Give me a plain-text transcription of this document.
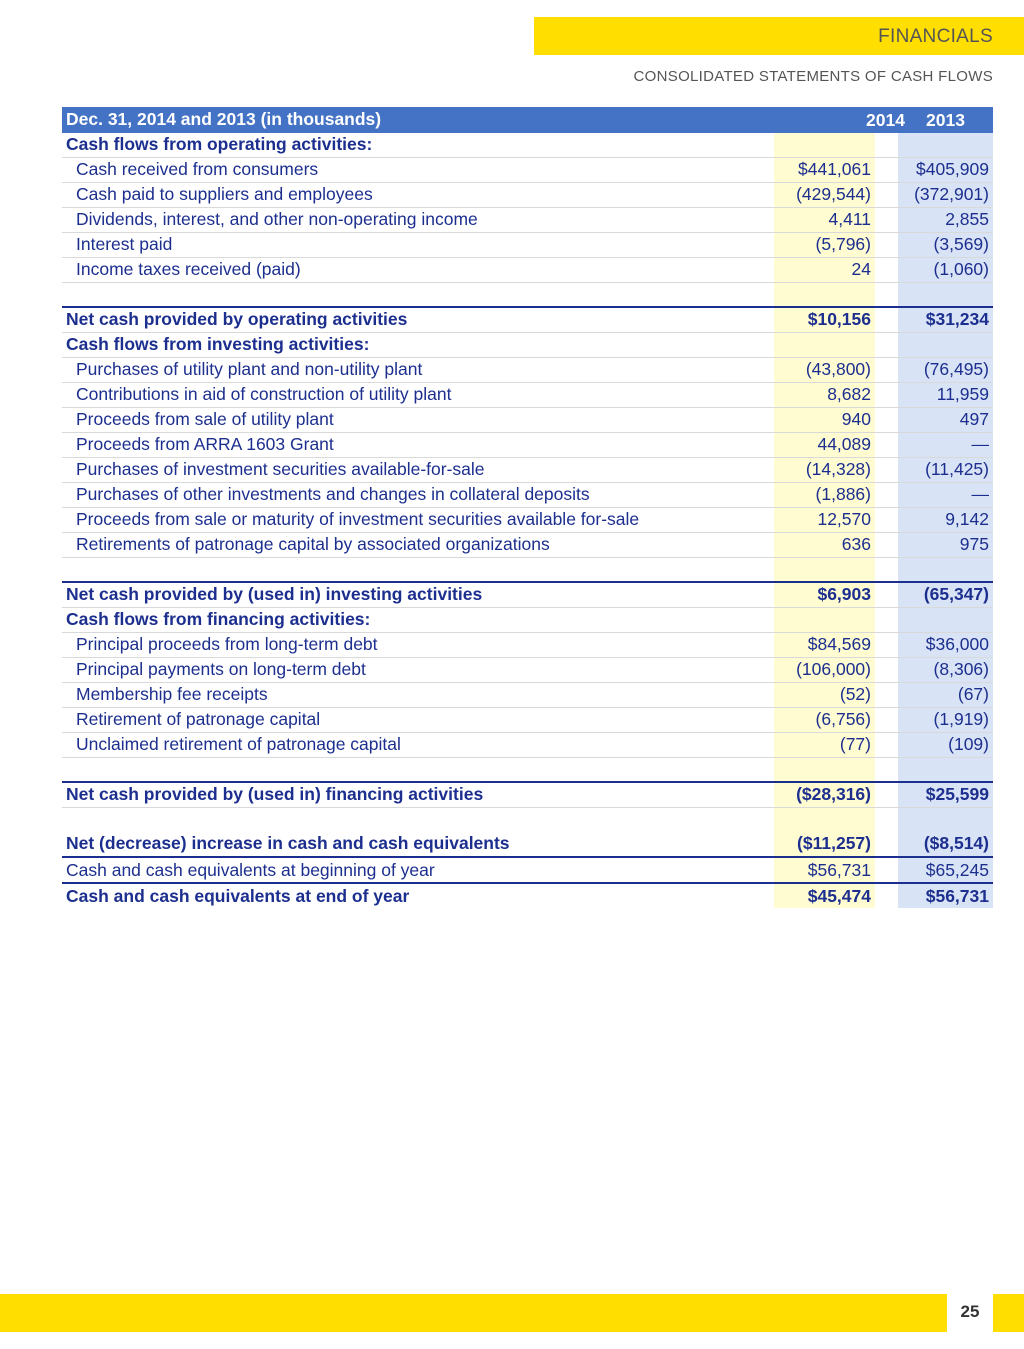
FINANCIALS
CONSOLIDATED STATEMENTS OF CASH FLOWS
Dec. 31, 2014 and 2013 (in thousands)	2014	2013
Cash flows from operating activities:
Cash received from consumers	$441,061	$405,909
Cash paid to suppliers and employees	(429,544) (372,901)
Dividends, interest, and other non-operating income	4,411	2,855
Interest paid	(5,796)	(3,569)
Income taxes received (paid)	24	(1,060)
Net cash provided by operating activities	$10,156	$31,234
Cash flows from investing activities:
Purchases of utility plant and non-utility plant	(43,800)	(76,495)
Contributions in aid of construction of utility plant	8,682	11,959
Proceeds from sale of utility plant	940	497
Proceeds from ARRA 1603 Grant	44,089	—
Purchases of investment securities available-for-sale	(14,328)	(11,425)
Purchases of other investments and changes in collateral deposits	(1,886)	—
Proceeds from sale or maturity of investment securities available for-sale	12,570	9,142
Retirements of patronage capital by associated organizations	636	975
Net cash provided by (used in) investing activities	$6,903	(65,347)
Cash flows from financing activities:
Principal proceeds from long-term debt	$84,569	$36,000
Principal payments on long-term debt	(106,000)	(8,306)
Membership fee receipts	(52)	(67)
Retirement of patronage capital	(6,756)	(1,919)
Unclaimed retirement of patronage capital	(77)	(109)
Net cash provided by (used in) financing activities	($28,316)	$25,599
Net (decrease) increase in cash and cash equivalents	($11,257)	($8,514)
Cash and cash equivalents at beginning of year	$56,731	$65,245
Cash and cash equivalents at end of year	$45,474	$56,731
25
